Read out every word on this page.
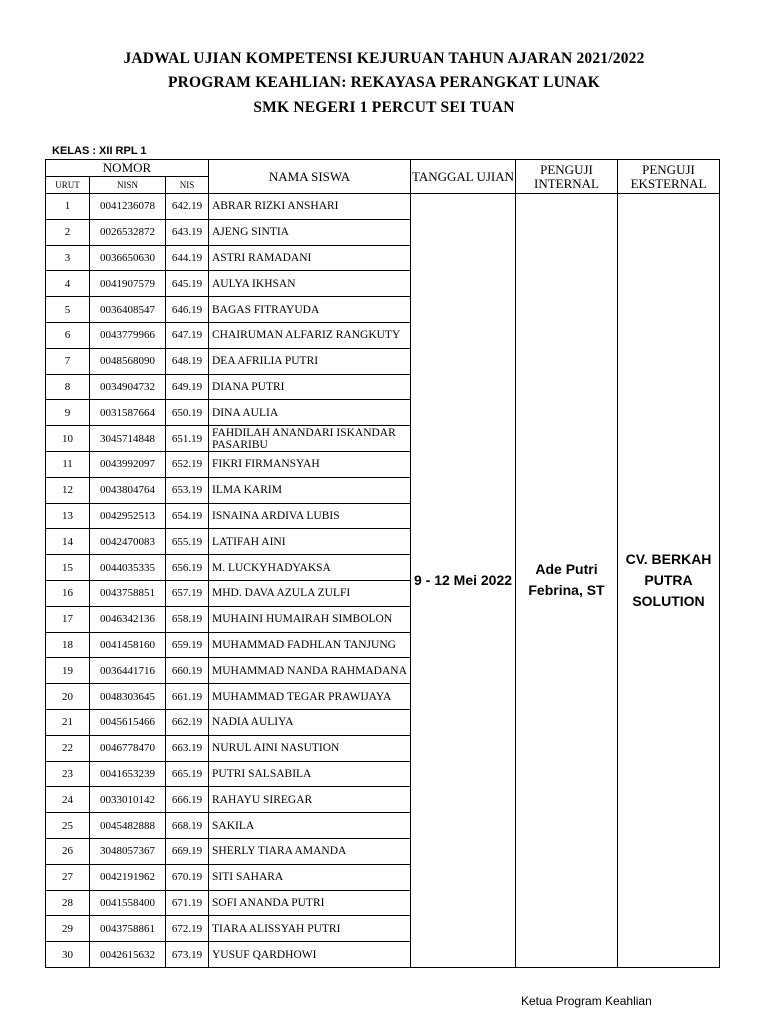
JADWAL UJIAN KOMPETENSI KEJURUAN TAHUN AJARAN 2021/2022
PROGRAM KEAHLIAN: REKAYASA PERANGKAT LUNAK
SMK NEGERI 1 PERCUT SEI TUAN
KELAS : XII RPL 1
NOMOR			NAMA SISWA	TANGGAL UJIAN	PENGUJI INTERNAL	PENGUJI EKSTERNAL
URUT	NISN	NIS				
1	0041236078	642.19	ABRAR RIZKI ANSHARI	9 - 12 Mei 2022	Ade Putri Febrina, ST	CV. BERKAH PUTRA SOLUTION
2	0026532872	643.19	AJENG SINTIA			
3	0036650630	644.19	ASTRI RAMADANI			
4	0041907579	645.19	AULYA IKHSAN			
5	0036408547	646.19	BAGAS FITRAYUDA			
6	0043779966	647.19	CHAIRUMAN ALFARIZ RANGKUTY			
7	0048568090	648.19	DEA AFRILIA PUTRI			
8	0034904732	649.19	DIANA PUTRI			
9	0031587664	650.19	DINA AULIA			
10	3045714848	651.19	FAHDILAH ANANDARI ISKANDAR PASARIBU			
11	0043992097	652.19	FIKRI FIRMANSYAH			
12	0043804764	653.19	ILMA KARIM			
13	0042952513	654.19	ISNAINA ARDIVA LUBIS			
14	0042470083	655.19	LATIFAH AINI			
15	0044035335	656.19	M. LUCKYHADYAKSA			
16	0043758851	657.19	MHD. DAVA AZULA ZULFI			
17	0046342136	658.19	MUHAINI HUMAIRAH SIMBOLON			
18	0041458160	659.19	MUHAMMAD FADHLAN TANJUNG			
19	0036441716	660.19	MUHAMMAD NANDA RAHMADANA			
20	0048303645	661.19	MUHAMMAD TEGAR PRAWIJAYA			
21	0045615466	662.19	NADIA AULIYA			
22	0046778470	663.19	NURUL AINI NASUTION			
23	0041653239	665.19	PUTRI SALSABILA			
24	0033010142	666.19	RAHAYU SIREGAR			
25	0045482888	668.19	SAKILA			
26	3048057367	669.19	SHERLY TIARA AMANDA			
27	0042191962	670.19	SITI SAHARA			
28	0041558400	671.19	SOFI ANANDA PUTRI			
29	0043758861	672.19	TIARA ALISSYAH PUTRI			
30	0042615632	673.19	YUSUF QARDHOWI			
Ketua Program Keahlian
